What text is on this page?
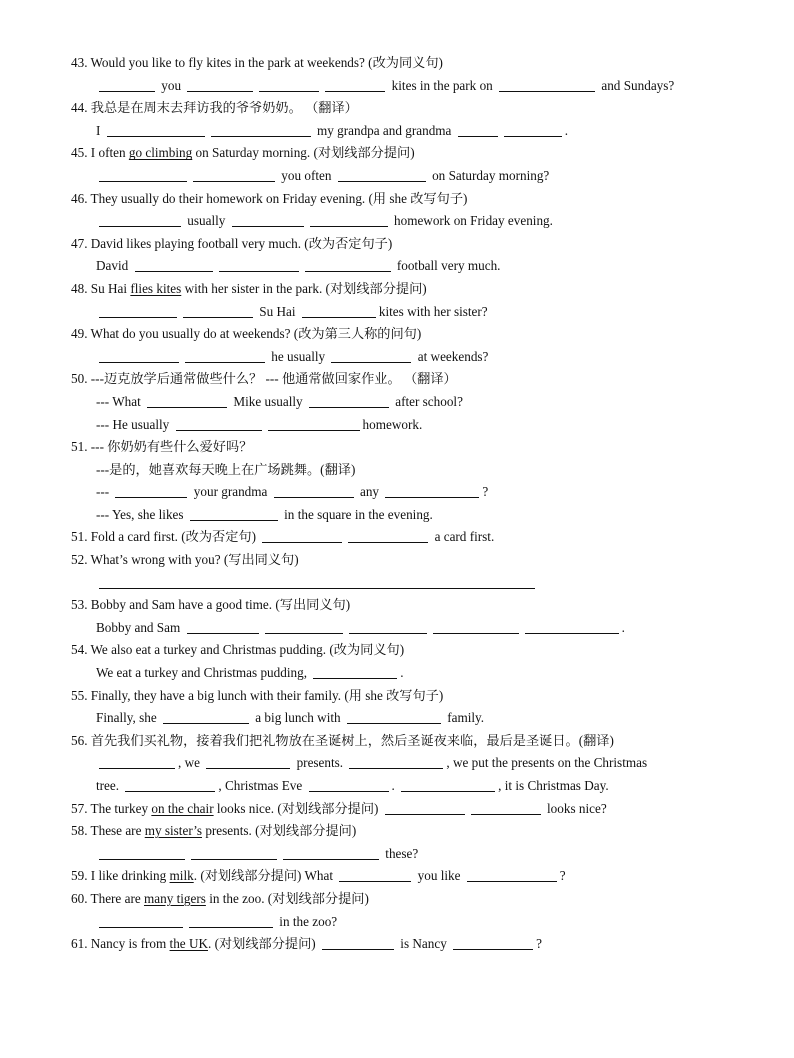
43. Would you like to fly kites in the park at weekends? (改为同义句)
you	kites in the park on	and Sundays?
44. 我总是在周末去拜访我的爷爷奶奶。 （翻译）
I	my grandpa and grandma	.
45. I often go climbing on Saturday morning. (对划线部分提问)
you often	on Saturday morning?
46. They usually do their homework on Friday evening. (用 she 改写句子)
usually	homework on Friday evening.
47. David likes playing football very much. (改为否定句子)
David	football very much.
48. Su Hai flies kites with her sister in the park. (对划线部分提问)
Su Hai	kites with her sister?
49. What do you usually do at weekends? (改为第三人称的问句)
he usually	at weekends?
50. ---迈克放学后通常做些什么？ --- 他通常做回家作业。 （翻译）
--- What	Mike usually	after school?
--- He usually	homework.
51. --- 你奶奶有些什么爱好吗？
---是的，她喜欢每天晚上在广场跳舞。(翻译)
---	your grandma	any	?
--- Yes, she likes	in the square in the evening.
51. Fold a card first. (改为否定句)	a card first.
52. What’s wrong with you? (写出同义句)
53. Bobby and Sam have a good time. (写出同义句)
Bobby and Sam	.
54. We also eat a turkey and Christmas pudding. (改为同义句)
We eat a turkey and Christmas pudding,	.
55. Finally, they have a big lunch with their family. (用 she 改写句子)
Finally, she	a big lunch with	family.
56. 首先我们买礼物，接着我们把礼物放在圣诞树上，然后圣诞夜来临，最后是圣诞日。(翻译)
, we	presents.	, we put the presents on the Christmas
tree.	, Christmas Eve	.	, it is Christmas Day.
57. The turkey on the chair looks nice. (对划线部分提问)	looks nice?
58. These are my sister’s presents. (对划线部分提问)
these?
59. I like drinking milk. (对划线部分提问) What	you like	?
60. There are many tigers in the zoo. (对划线部分提问)
in the zoo?
61. Nancy is from the UK. (对划线部分提问)	is Nancy	?
